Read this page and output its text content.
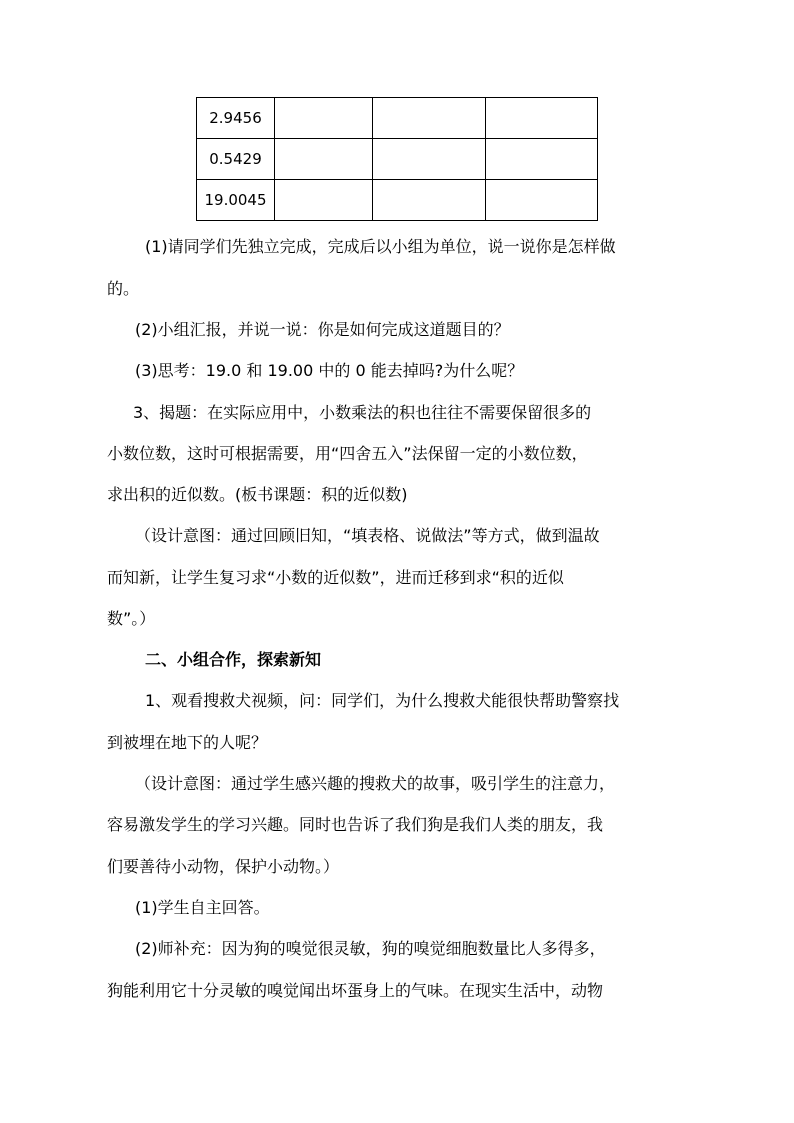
2.9456			
0.5429			
19.0045			
(1)请同学们先独立完成，完成后以小组为单位，说一说你是怎样做
的。
(2)小组汇报，并说一说：你是如何完成这道题目的？
(3)思考：19.0 和 19.00 中的 0 能去掉吗?为什么呢？
3、揭题：在实际应用中，小数乘法的积也往往不需要保留很多的
小数位数，这时可根据需要，用“四舍五入”法保留一定的小数位数，
求出积的近似数。(板书课题：积的近似数)
（设计意图：通过回顾旧知，“填表格、说做法”等方式，做到温故
而知新，让学生复习求“小数的近似数”，进而迁移到求“积的近似
数”。）
二、小组合作，探索新知
1、观看搜救犬视频，问：同学们，为什么搜救犬能很快帮助警察找
到被埋在地下的人呢？
（设计意图：通过学生感兴趣的搜救犬的故事，吸引学生的注意力，
容易激发学生的学习兴趣。同时也告诉了我们狗是我们人类的朋友，我
们要善待小动物，保护小动物。）
(1)学生自主回答。
(2)师补充：因为狗的嗅觉很灵敏，狗的嗅觉细胞数量比人多得多，
狗能利用它十分灵敏的嗅觉闻出坏蛋身上的气味。在现实生活中，动物
